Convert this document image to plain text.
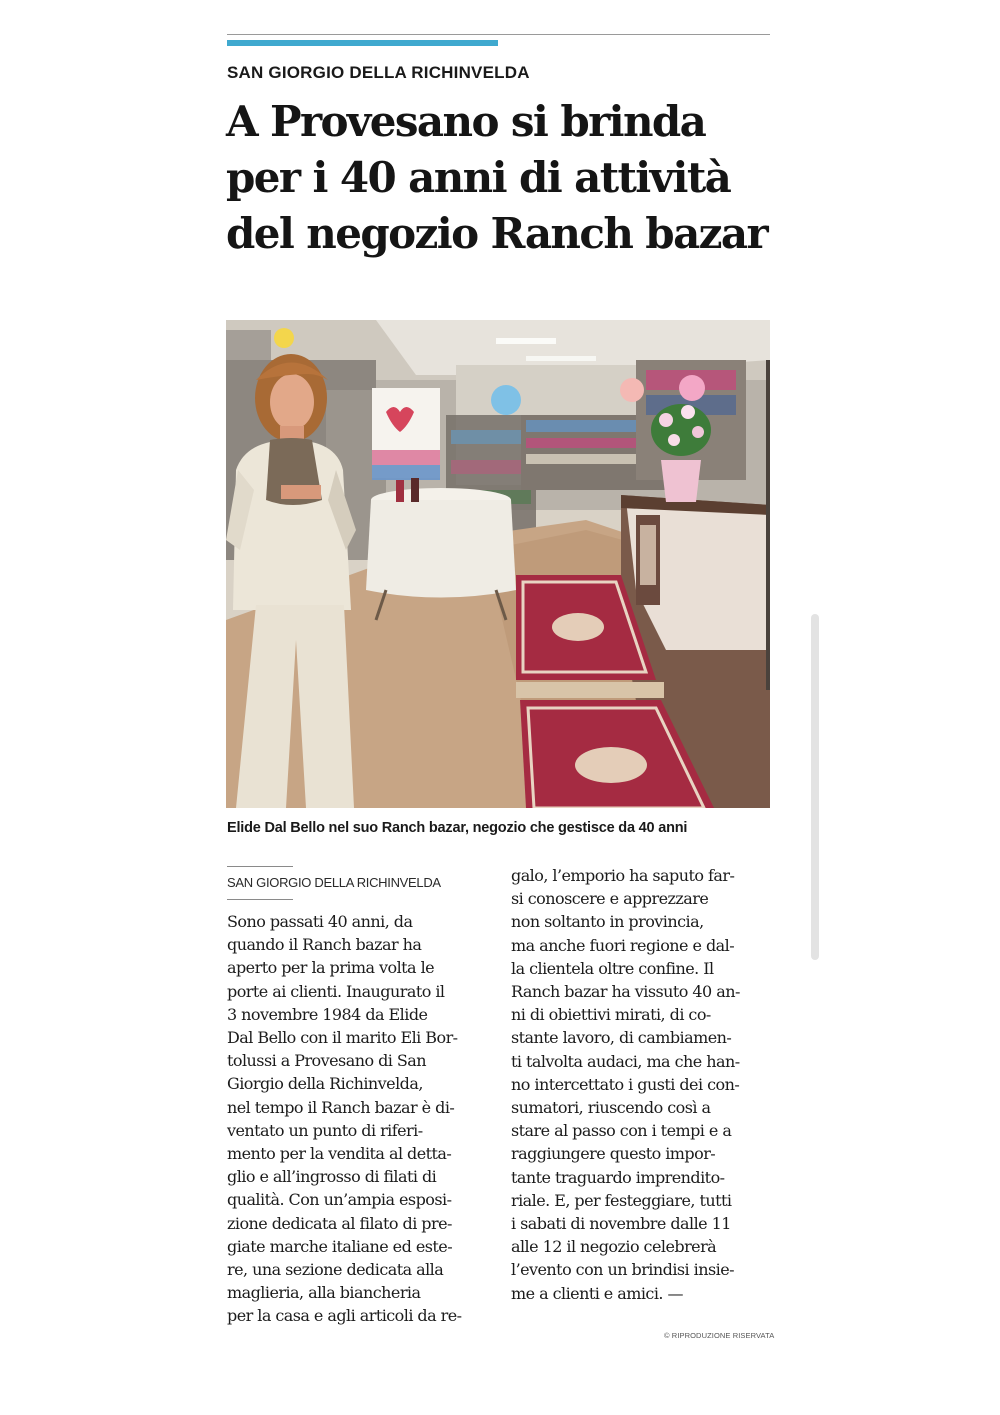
SAN GIORGIO DELLA RICHINVELDA
A Provesano si brinda
per i 40 anni di attività
del negozio Ranch bazar
Elide Dal Bello nel suo Ranch bazar, negozio che gestisce da 40 anni
SAN GIORGIO DELLA RICHINVELDA
Sono passati 40 anni, da
quando il Ranch bazar ha
aperto per la prima volta le
porte ai clienti. Inaugurato il
3 novembre 1984 da Elide
Dal Bello con il marito Eli Bor-
tolussi a Provesano di San
Giorgio della Richinvelda,
nel tempo il Ranch bazar è di-
ventato un punto di riferi-
mento per la vendita al detta-
glio e all’ingrosso di filati di
qualità. Con un’ampia esposi-
zione dedicata al filato di pre-
giate marche italiane ed este-
re, una sezione dedicata alla
maglieria, alla biancheria
per la casa e agli articoli da re-
galo, l’emporio ha saputo far-
si conoscere e apprezzare
non soltanto in provincia,
ma anche fuori regione e dal-
la clientela oltre confine. Il
Ranch bazar ha vissuto 40 an-
ni di obiettivi mirati, di co-
stante lavoro, di cambiamen-
ti talvolta audaci, ma che han-
no intercettato i gusti dei con-
sumatori, riuscendo così a
stare al passo con i tempi e a
raggiungere questo impor-
tante traguardo imprendito-
riale. E, per festeggiare, tutti
i sabati di novembre dalle 11
alle 12 il negozio celebrerà
l’evento con un brindisi insie-
me a clienti e amici. —
© RIPRODUZIONE RISERVATA
